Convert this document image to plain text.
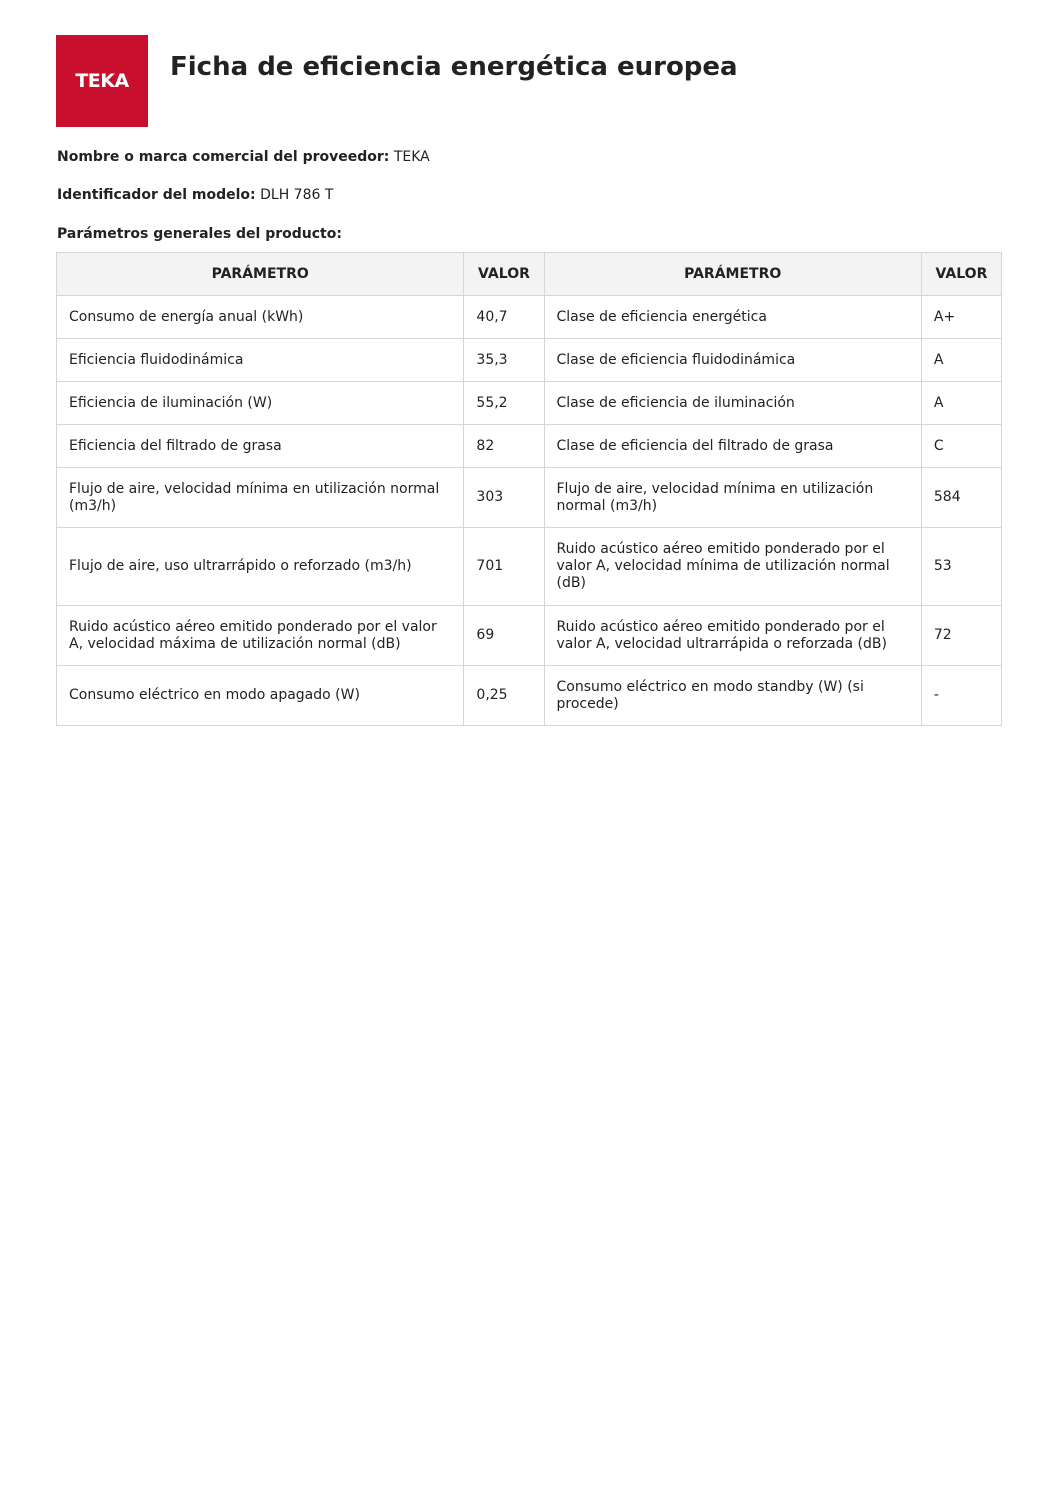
TEKA Ficha de eficiencia energética europea
Nombre o marca comercial del proveedor: TEKA
Identificador del modelo: DLH 786 T
Parámetros generales del producto:
PARÁMETRO	VALOR	PARÁMETRO	VALOR
Consumo de energía anual (kWh)	40,7	Clase de eficiencia energética	A+
Eficiencia fluidodinámica	35,3	Clase de eficiencia fluidodinámica	A
Eficiencia de iluminación (W)	55,2	Clase de eficiencia de iluminación	A
Eficiencia del filtrado de grasa	82	Clase de eficiencia del filtrado de grasa	C
Flujo de aire, velocidad mínima en utilización normal (m3/h)	303	Flujo de aire, velocidad mínima en utilización normal (m3/h)	584
Flujo de aire, uso ultrarrápido o reforzado (m3/h)	701	Ruido acústico aéreo emitido ponderado por el valor A, velocidad mínima de utilización normal (dB)	53
Ruido acústico aéreo emitido ponderado por el valor A, velocidad máxima de utilización normal (dB)	69	Ruido acústico aéreo emitido ponderado por el valor A, velocidad ultrarrápida o reforzada (dB)	72
Consumo eléctrico en modo apagado (W)	0,25	Consumo eléctrico en modo standby (W) (si procede)	-
